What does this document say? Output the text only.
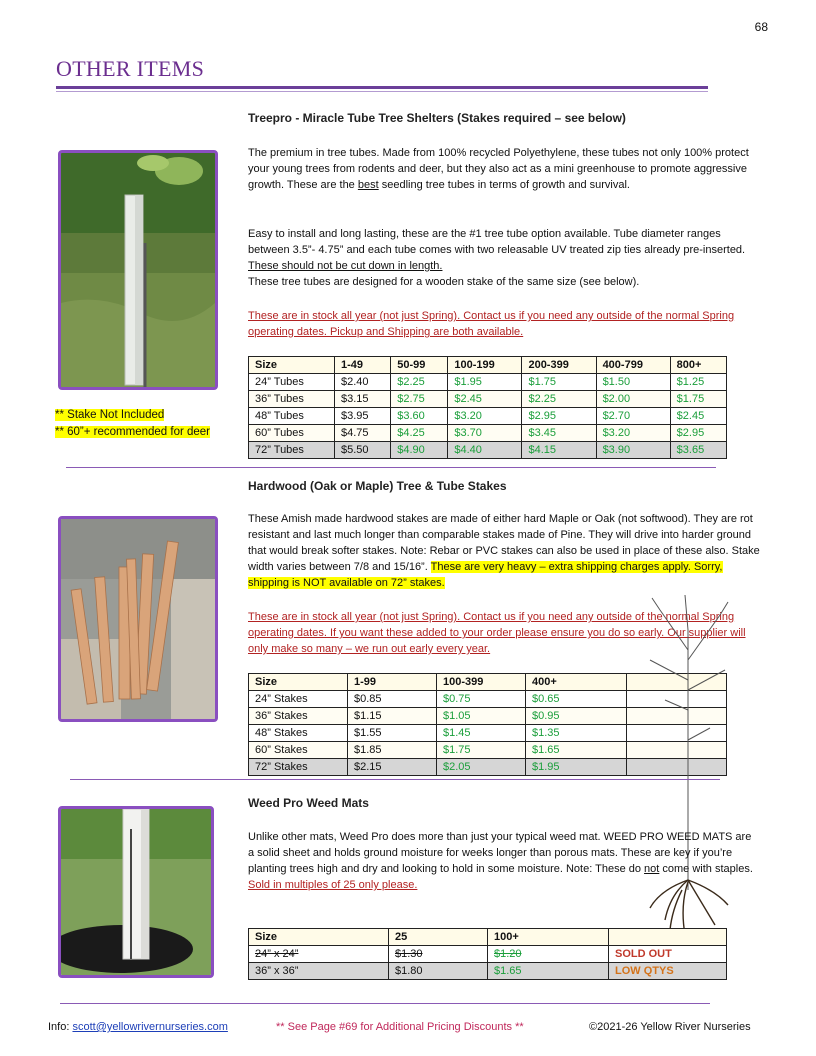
68
OTHER ITEMS
** Stake Not Included
** 60”+ recommended for deer
Treepro - Miracle Tube Tree Shelters (Stakes required – see below)
The premium in tree tubes. Made from 100% recycled Polyethylene, these tubes not only 100% protect your young trees from rodents and deer, but they also act as a mini greenhouse to promote aggressive growth. These are the best seedling tree tubes in terms of growth and survival.
Easy to install and long lasting, these are the #1 tree tube option available. Tube diameter ranges between 3.5”- 4.75” and each tube comes with two releasable UV treated zip ties already pre-inserted. These should not be cut down in length.
These tree tubes are designed for a wooden stake of the same size (see below).
These are in stock all year (not just Spring). Contact us if you need any outside of the normal Spring operating dates. Pickup and Shipping are both available.
Size	1-49	50-99	100-199	200-399	400-799	800+
24” Tubes	$2.40	$2.25	$1.95	$1.75	$1.50	$1.25
36” Tubes	$3.15	$2.75	$2.45	$2.25	$2.00	$1.75
48” Tubes	$3.95	$3.60	$3.20	$2.95	$2.70	$2.45
60” Tubes	$4.75	$4.25	$3.70	$3.45	$3.20	$2.95
72” Tubes	$5.50	$4.90	$4.40	$4.15	$3.90	$3.65
Hardwood (Oak or Maple) Tree & Tube Stakes
These Amish made hardwood stakes are made of either hard Maple or Oak (not softwood). They are rot resistant and last much longer than comparable stakes made of Pine. They will drive into harder ground that would break softer stakes. Note: Rebar or PVC stakes can also be used in place of these also. Stake width varies between 7/8 and 15/16”. These are very heavy – extra shipping charges apply. Sorry, shipping is NOT available on 72” stakes.
These are in stock all year (not just Spring). Contact us if you need any outside of the normal Spring operating dates. If you want these added to your order please ensure you do so early. Our supplier will only make so many – we run out early every year.
Size	1-99	100-399	400+	
24” Stakes	$0.85	$0.75	$0.65	
36” Stakes	$1.15	$1.05	$0.95	
48” Stakes	$1.55	$1.45	$1.35	
60” Stakes	$1.85	$1.75	$1.65	
72” Stakes	$2.15	$2.05	$1.95	
Weed Pro Weed Mats
Unlike other mats, Weed Pro does more than just your typical weed mat. WEED PRO WEED MATS are a solid sheet and holds ground moisture for weeks longer than porous mats. These are key if you’re planting trees high and dry and looking to hold in some moisture. Note: These do not come with staples.
Sold in multiples of 25 only please.
Size	25	100+	
24” x 24”	$1.30	$1.20	SOLD OUT
36” x 36”	$1.80	$1.65	LOW QTYS
Info: scott@yellowrivernurseries.com	** See Page #69 for Additional Pricing Discounts **	©2021-26 Yellow River Nurseries
